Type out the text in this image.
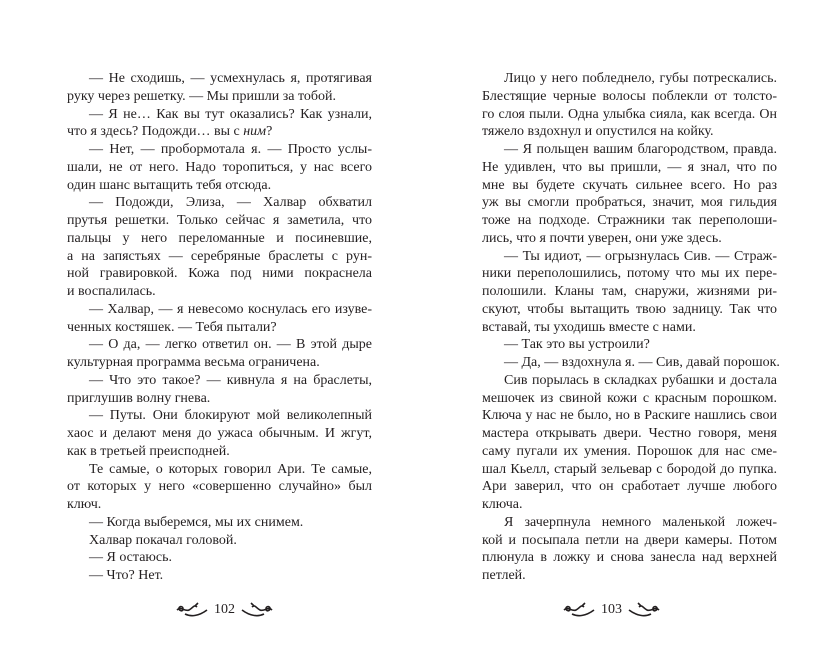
— Не сходишь, — усмехнулась я, протягивая
руку через решетку. — Мы пришли за тобой.
— Я не… Как вы тут оказались? Как узнали,
что я здесь? Подожди… вы с ним?
— Нет, — пробормотала я. — Просто услы-
шали, не от него. Надо торопиться, у нас всего
один шанс вытащить тебя отсюда.
— Подожди, Элиза, — Халвар обхватил
прутья решетки. Только сейчас я заметила, что
пальцы у него переломанные и посиневшие,
а на запястьях — серебряные браслеты с рун-
ной гравировкой. Кожа под ними покраснела
и воспалилась.
— Халвар, — я невесомо коснулась его изуве-
ченных костяшек. — Тебя пытали?
— О да, — легко ответил он. — В этой дыре
культурная программа весьма ограничена.
— Что это такое? — кивнула я на браслеты,
приглушив волну гнева.
— Путы. Они блокируют мой великолепный
хаос и делают меня до ужаса обычным. И жгут,
как в третьей преисподней.
Те самые, о которых говорил Ари. Те самые,
от которых у него «совершенно случайно» был
ключ.
— Когда выберемся, мы их снимем.
Халвар покачал головой.
— Я остаюсь.
— Что? Нет.
Лицо у него побледнело, губы потрескались.
Блестящие черные волосы поблекли от толсто-
го слоя пыли. Одна улыбка сияла, как всегда. Он
тяжело вздохнул и опустился на койку.
— Я польщен вашим благородством, правда.
Не удивлен, что вы пришли, — я знал, что по
мне вы будете скучать сильнее всего. Но раз
уж вы смогли пробраться, значит, моя гильдия
тоже на подходе. Стражники так переполоши-
лись, что я почти уверен, они уже здесь.
— Ты идиот, — огрызнулась Сив. — Страж-
ники переполошились, потому что мы их пере-
полошили. Кланы там, снаружи, жизнями ри-
скуют, чтобы вытащить твою задницу. Так что
вставай, ты уходишь вместе с нами.
— Так это вы устроили?
— Да, — вздохнула я. — Сив, давай порошок.
Сив порылась в складках рубашки и достала
мешочек из свиной кожи с красным порошком.
Ключа у нас не было, но в Раскиге нашлись свои
мастера открывать двери. Честно говоря, меня
саму пугали их умения. Порошок для нас сме-
шал Кьелл, старый зельевар с бородой до пупка.
Ари заверил, что он сработает лучше любого
ключа.
Я зачерпнула немного маленькой ложеч-
кой и посыпала петли на двери камеры. Потом
плюнула в ложку и снова занесла над верхней
петлей.
102	103
